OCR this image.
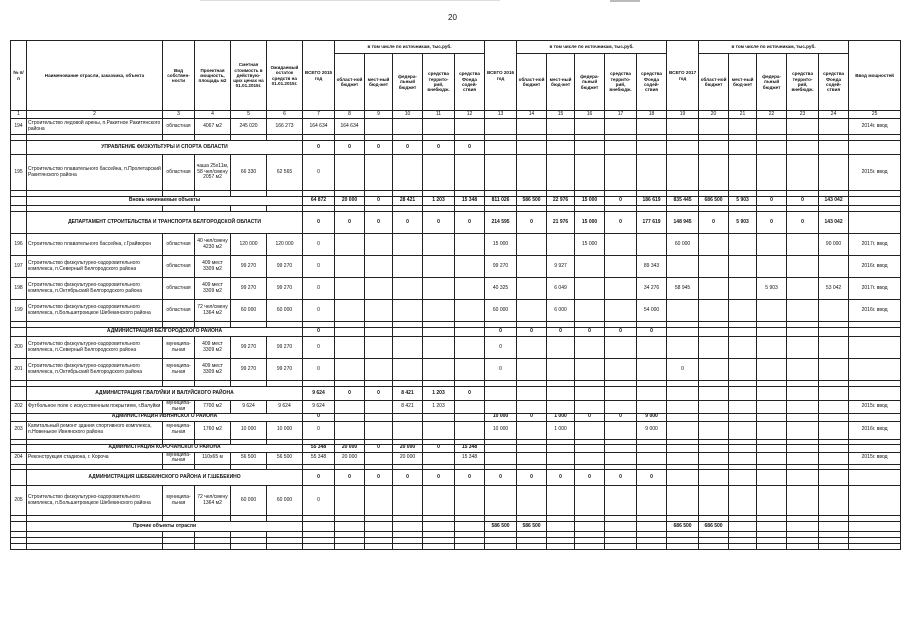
20
№ п/п	Наименование отрасли, заказчика, объекта	Вид собствен-ности	Проектная мощность, площадь м2	Сметная стоимость в действую-щих ценах на 01.01.2015г.	Ожидаемый остаток средств на 01.01.2015г.	ВСЕГО 2015 год	в том числе по источникам, тыс.руб.					ВСЕГО 2016 год	в том числе по источникам, тыс.руб.					ВСЕГО 2017 год	в том числе по источникам, тыс.руб.					Ввод мощностей
							област-ной бюджет	мест-ный бюд-жет	федера-льный бюджет	средства террито-рий, внебюдж.	средства Фонда содей-ствия		област-ной бюджет	мест-ный бюд-жет	федера-льный бюджет	средства террито-рий, внебюдж.	средства Фонда содей-ствия		област-ной бюджет	мест-ный бюд-жет	федера-льный бюджет	средства террито-рий, внебюдж.	средства Фонда содей-ствия	
1	2	3	4	5	6	7	8	9	10	11	12	13	14	15	16	17	18	19	20	21	22	23	24	25
194	Строительство ледовой арены, п.Ракитное Ракитянского района	областная	4067 м2	245 020	166 273	164 634	164 634																	2014г. ввод

	УПРАВЛЕНИЕ ФИЗКУЛЬТУРЫ И СПОРТА ОБЛАСТИ					0	0	0	0	0	0													
195	Строительство плавательного бассейна, п.Пролетарский Ракитянского района	областная	чаша 25х11м, 58 чел/смену 2057 м2	66 330	62 565	0																		2015г. ввод

	Вновь начинаемые объекты					64 872	20 000	0	28 421	1 203	15 348	811 026	586 500	22 976	15 000	0	186 619	835 445	686 500	5 903	0	0	143 042	

	ДЕПАРТАМЕНТ СТРОИТЕЛЬСТВА И ТРАНСПОРТА БЕЛГОРОДСКОЙ ОБЛАСТИ					0	0	0	0	0	0	214 595	0	21 976	15 000	0	177 619	148 945	0	5 903	0	0	143 042	
196	Строительство плавательного бассейна, г.Грайворон	областная	40 чел/смену 4230 м2	120 000	120 000	0						15 000			15 000			60 000					90 000	2017г. ввод
197	Строительство физкультурно-оздоровительного комплекса, п.Северный Белгородского района	областная	409 мест 3309 м2	99 270	99 270	0						99 270		9 927			89 343							2016г. ввод
198	Строительство физкультурно-оздоровительного комплекса, п.Октябрьский Белгородского района	областная	409 мест 3309 м2	99 270	99 270	0						40 325		6 049			34 276	58 945			5 903		53 042	2017г. ввод
199	Строительство физкультурно-оздоровительного комплекса, п.Большетроицкое Шебекинского района	областная	72 чел/смену 1364 м2	60 000	60 000	0						60 000		6 000			54 000							2016г. ввод

	АДМИНИСТРАЦИЯ БЕЛГОРОДСКОГО РАЙОНА					0						0	0	0	0	0	0							
200	Строительство физкультурно-оздоровительного комплекса, п.Северный Белгородского района	муниципа-льная	409 мест 3309 м2	99 270	99 270	0						0												
201	Строительство физкультурно-оздоровительного комплекса, п.Октябрьский Белгородского района	муниципа-льная	409 мест 3309 м2	99 270	99 270	0						0						0						

	АДМИНИСТРАЦИЯ Г.ВАЛУЙКИ И ВАЛУЙСКОГО РАЙОНА					9 624	0	0	8 421	1 203	0													
202	Футбольное поле с искусственным покрытием, г.Валуйки	муниципа-льная	7700 м2	9 624	9 624	9 624			8 421	1 203														2015г. ввод
	АДМИНИСТРАЦИЯ ИВНЯНСКОГО РАЙОНА					0						10 000	0	1 000	0	0	9 000							
203	Капитальный ремонт здания спортивного комплекса, п.Новенькое Ивнянского района	муниципа-льная	1760 м2	10 000	10 000	0						10 000		1 000			9 000							2016г. ввод

	АДМИНИСТРАЦИЯ КОРОЧАНСКОГО РАЙОНА					55 348	20 000	0	20 000	0	15 348													
204	Реконструкция стадиона, г. Короча	муниципа-льная	110х65 м	56 500	56 500	55 348	20 000		20 000		15 348													2015г. ввод

	АДМИНИСТРАЦИЯ ШЕБЕКИНСКОГО РАЙОНА И Г.ШЕБЕКИНО					0	0	0	0	0	0	0	0	0	0	0	0							
205	Строительство физкультурно-оздоровительного комплекса, п.Большетроицкое Шебекинского района	муниципа-льная	72 чел/смену 1364 м2	60 000	60 000	0																		

	Прочие объекты отрасли											586 500	586 500					686 500	686 500					
